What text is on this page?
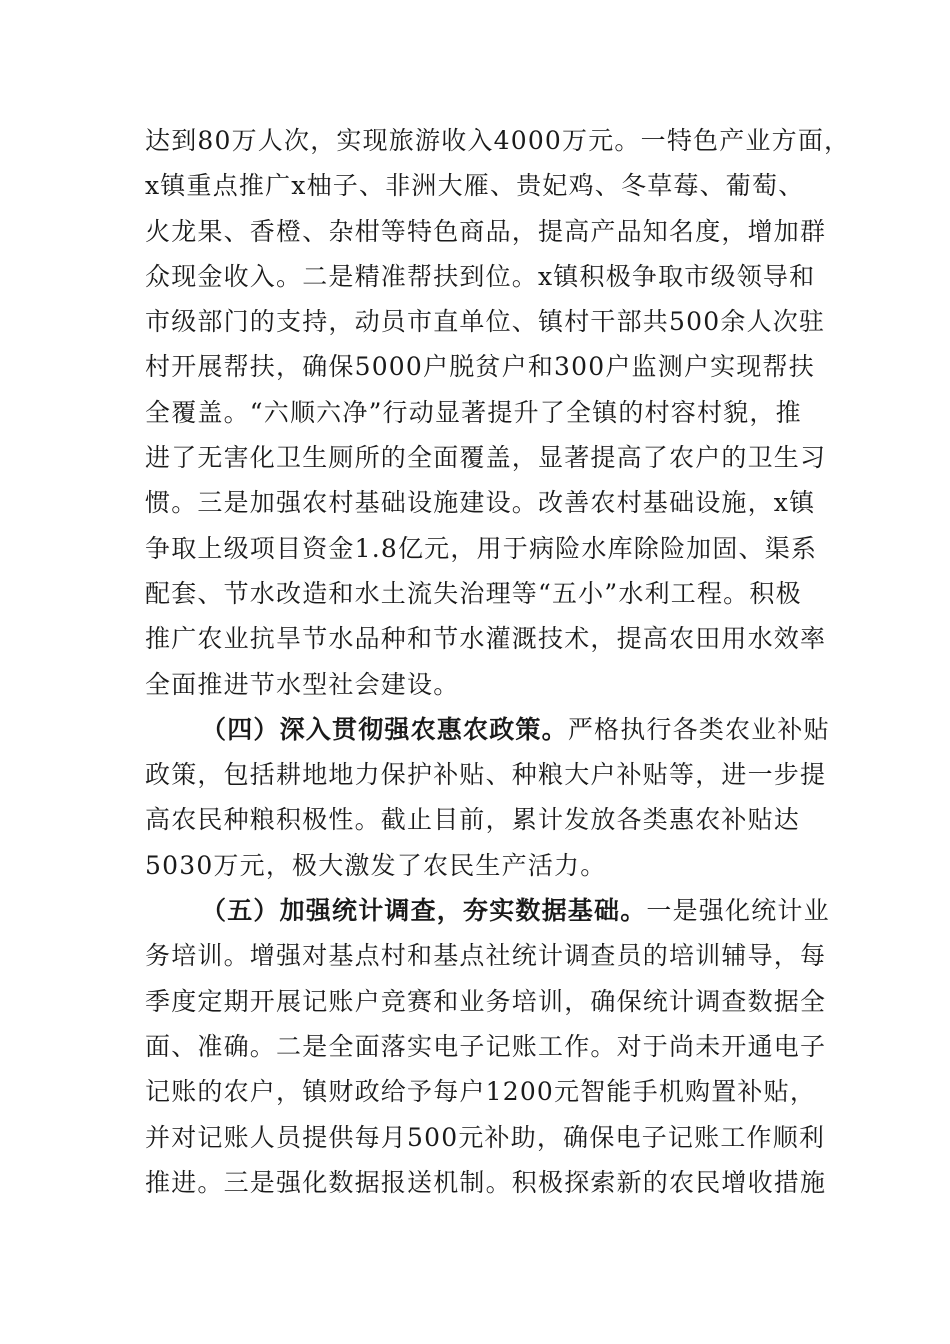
达到80万人次，实现旅游收入4000万元。一特色产业方面，
x镇重点推广x柚子、非洲大雁、贵妃鸡、冬草莓、葡萄、
火龙果、香橙、杂柑等特色商品，提高产品知名度，增加群
众现金收入。二是精准帮扶到位。x镇积极争取市级领导和
市级部门的支持，动员市直单位、镇村干部共500余人次驻
村开展帮扶，确保5000户脱贫户和300户监测户实现帮扶
全覆盖。“六顺六净”行动显著提升了全镇的村容村貌，推
进了无害化卫生厕所的全面覆盖，显著提高了农户的卫生习
惯。三是加强农村基础设施建设。改善农村基础设施，x镇
争取上级项目资金1.8亿元，用于病险水库除险加固、渠系
配套、节水改造和水土流失治理等“五小”水利工程。积极
推广农业抗旱节水品种和节水灌溉技术，提高农田用水效率
全面推进节水型社会建设。
（四）深入贯彻强农惠农政策。严格执行各类农业补贴
政策，包括耕地地力保护补贴、种粮大户补贴等，进一步提
高农民种粮积极性。截止目前，累计发放各类惠农补贴达
5030万元，极大激发了农民生产活力。
（五）加强统计调查，夯实数据基础。一是强化统计业
务培训。增强对基点村和基点社统计调查员的培训辅导，每
季度定期开展记账户竞赛和业务培训，确保统计调查数据全
面、准确。二是全面落实电子记账工作。对于尚未开通电子
记账的农户，镇财政给予每户1200元智能手机购置补贴，
并对记账人员提供每月500元补助，确保电子记账工作顺利
推进。三是强化数据报送机制。积极探索新的农民增收措施
